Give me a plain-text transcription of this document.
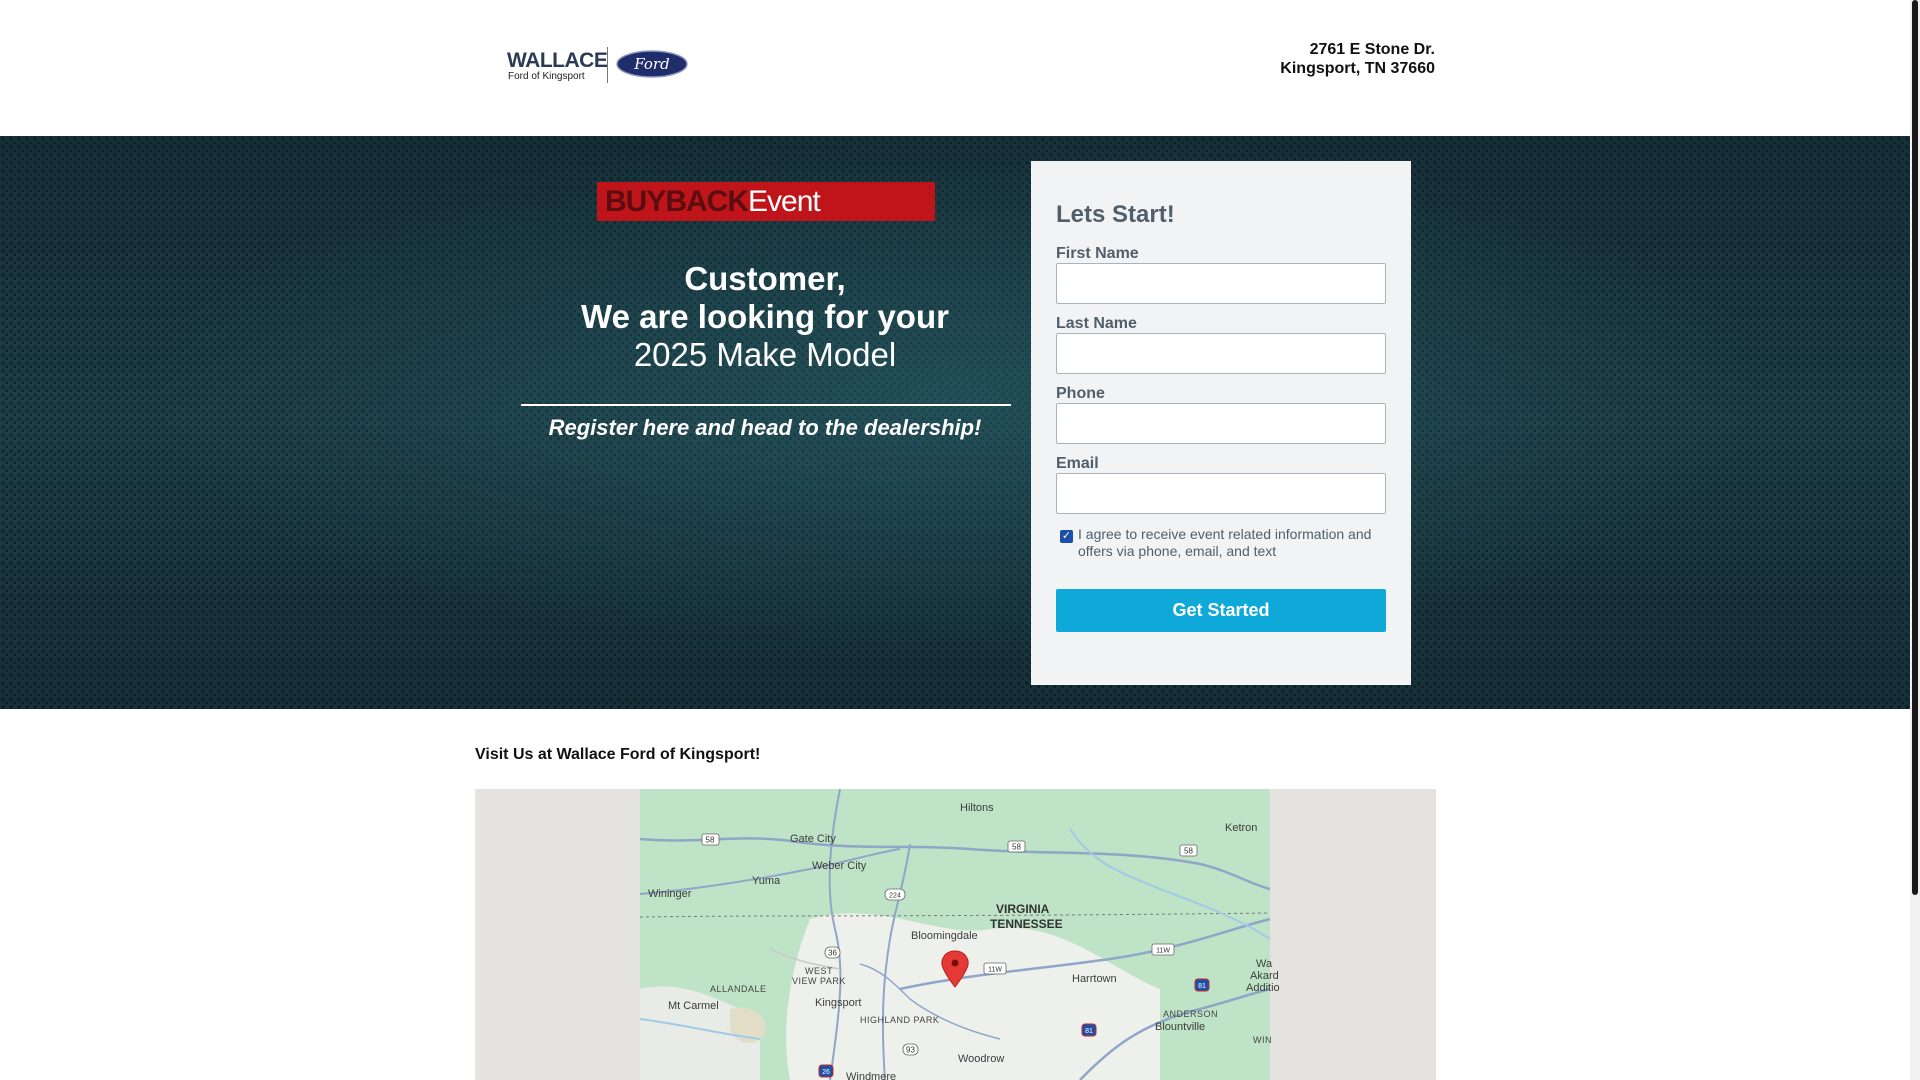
WALLACE
Ford of Kingsport
Ford
2761 E Stone Dr.
Kingsport, TN 37660
BUYBACKEvent
Customer,
We are looking for your
2025 Make Model
Register here and head to the dealership!
Lets Start!
First Name
Last Name
Phone
Email
✓ I agree to receive event related information and offers via phone, email, and text
Get Started
Visit Us at Wallace Ford of Kingsport!
Hiltons
Ketron
Gate City
Weber City
Wininger
Yuma
VIRGINIA
TENNESSEE
Bloomingdale
WEST
VIEW PARK
ALLANDALE
Harrtown
Mt Carmel	Kingsport
HIGHLAND PARK
ANDERSON
Blountville
Woodrow
Windmere
Wa
Akard
Additio
WIN
58
58	58
224
36
11W
11W
81
81
93
26
